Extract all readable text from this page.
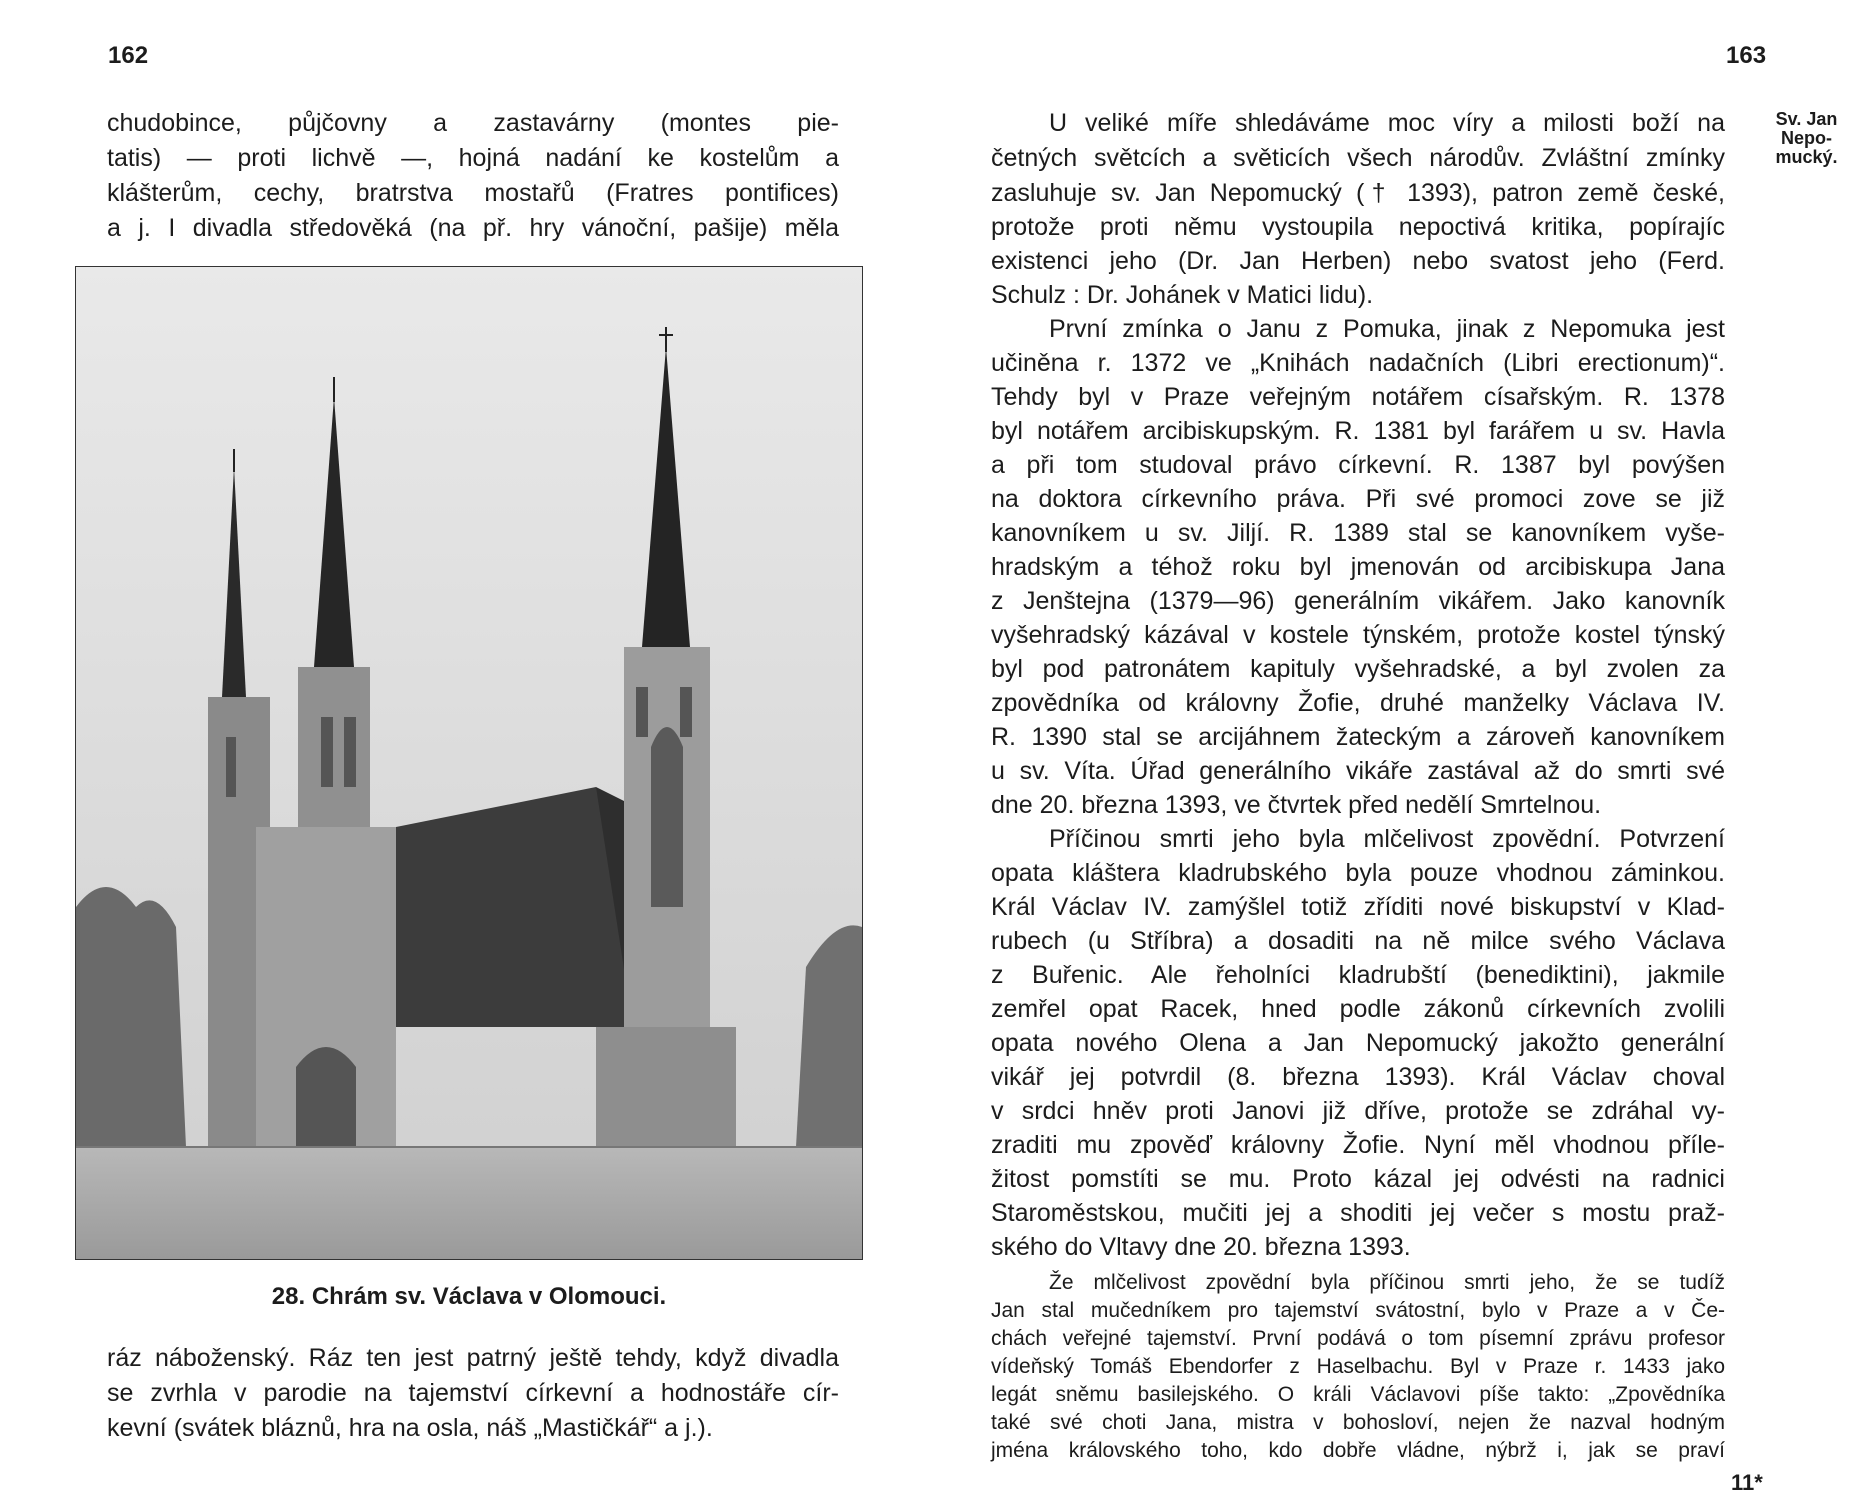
162
chudobince, půjčovny a zastavárny (montes pie-
tatis) — proti lichvě —, hojná nadání ke kostelům a
klášterům, cechy, bratrstva mostařů (Fratres pontifices)
a j. I divadla středověká (na př. hry vánoční, pašije) měla
28. Chrám sv. Václava v Olomouci.
ráz náboženský. Ráz ten jest patrný ještě tehdy, když divadla
se zvrhla v parodie na tajemství církevní a hodnostáře cír-
kevní (svátek bláznů, hra na osla, náš „Mastičkář“ a j.).
163
Sv. Jan
Nepo-
mucký.
U veliké míře shledáváme moc víry a milosti boží na
četných světcích a světicích všech národův. Zvláštní zmínky
zasluhuje sv. Jan Nepomucký († 1393), patron země české,
protože proti němu vystoupila nepoctivá kritika, popírajíc
existenci jeho (Dr. Jan Herben) nebo svatost jeho (Ferd.
Schulz : Dr. Johánek v Matici lidu).
První zmínka o Janu z Pomuka, jinak z Nepomuka jest
učiněna r. 1372 ve „Knihách nadačních (Libri erectionum)“.
Tehdy byl v Praze veřejným notářem císařským. R. 1378
byl notářem arcibiskupským. R. 1381 byl farářem u sv. Havla
a při tom studoval právo církevní. R. 1387 byl povýšen
na doktora církevního práva. Při své promoci zove se již
kanovníkem u sv. Jiljí. R. 1389 stal se kanovníkem vyše-
hradským a téhož roku byl jmenován od arcibiskupa Jana
z Jenštejna (1379—96) generálním vikářem. Jako kanovník
vyšehradský kázával v kostele týnském, protože kostel týnský
byl pod patronátem kapituly vyšehradské, a byl zvolen za
zpovědníka od královny Žofie, druhé manželky Václava IV.
R. 1390 stal se arcijáhnem žateckým a zároveň kanovníkem
u sv. Víta. Úřad generálního vikáře zastával až do smrti své
dne 20. března 1393, ve čtvrtek před nedělí Smrtelnou.
Příčinou smrti jeho byla mlčelivost zpovědní. Potvrzení
opata kláštera kladrubského byla pouze vhodnou záminkou.
Král Václav IV. zamýšlel totiž zříditi nové biskupství v Klad-
rubech (u Stříbra) a dosaditi na ně milce svého Václava
z Buřenic. Ale řeholníci kladrubští (benediktini), jakmile
zemřel opat Racek, hned podle zákonů církevních zvolili
opata nového Olena a Jan Nepomucký jakožto generální
vikář jej potvrdil (8. března 1393). Král Václav choval
v srdci hněv proti Janovi již dříve, protože se zdráhal vy-
zraditi mu zpověď královny Žofie. Nyní měl vhodnou příle-
žitost pomstíti se mu. Proto kázal jej odvésti na radnici
Staroměstskou, mučiti jej a shoditi jej večer s mostu praž-
ského do Vltavy dne 20. března 1393.
Že mlčelivost zpovědní byla příčinou smrti jeho, že se tudíž
Jan stal mučedníkem pro tajemství svátostní, bylo v Praze a v Če-
chách veřejné tajemství. První podává o tom písemní zprávu profesor
vídeňský Tomáš Ebendorfer z Haselbachu. Byl v Praze r. 1433 jako
legát sněmu basilejského. O králi Václavovi píše takto: „Zpovědníka
také své choti Jana, mistra v bohosloví, nejen že nazval hodným
jména královského toho, kdo dobře vládne, nýbrž i, jak se praví
11*
